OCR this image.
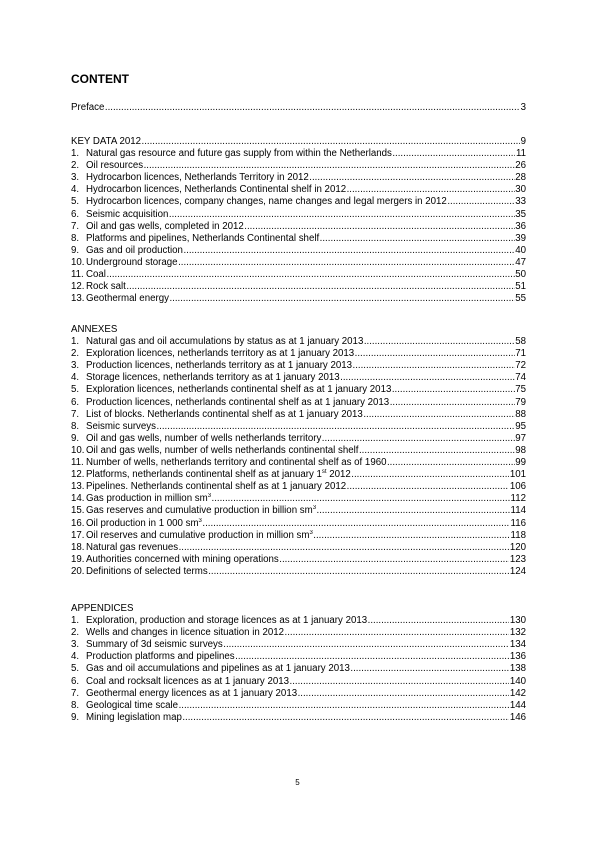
CONTENT
Preface .....	3
KEY DATA 2012 .....	9
1. Natural gas resource and future gas supply from within the Netherlands .....	11
2. Oil resources .....	26
3. Hydrocarbon licences, Netherlands Territory in 2012 .....	28
4. Hydrocarbon licences, Netherlands Continental shelf in 2012 .....	30
5. Hydrocarbon licences, company changes, name changes and legal mergers in 2012 .....	33
6. Seismic acquisition .....	35
7. Oil and gas wells, completed in 2012 .....	36
8. Platforms and pipelines, Netherlands Continental shelf .....	39
9. Gas and oil production .....	40
10. Underground storage .....	47
11. Coal .....	50
12. Rock salt .....	51
13. Geothermal energy .....	55
ANNEXES
1. Natural gas and oil accumulations by status as at 1 january 2013 .....	58
2. Exploration licences, netherlands territory as at 1 january 2013 .....	71
3. Production licences, netherlands territory as at 1 january 2013 .....	72
4. Storage licences, netherlands territory as at 1 january 2013 .....	74
5. Exploration licences, netherlands continental shelf as at 1 january 2013 .....	75
6. Production licences, netherlands continental shelf as at 1 january 2013 .....	79
7. List of blocks. Netherlands continental shelf as at 1 january 2013 .....	88
8. Seismic surveys .....	95
9. Oil and gas wells, number of wells netherlands territory .....	97
10. Oil and gas wells, number of wells netherlands continental shelf .....	98
11. Number of wells, netherlands territory and continental shelf as of 1960 .....	99
12. Platforms, netherlands continental shelf as at january 1st 2012 .....	101
13. Pipelines. Netherlands continental shelf as at 1 january 2012 .....	106
14. Gas production in million $sm^3$ .....	112
15. Gas reserves and cumulative production in billion $sm^3$ .....	114
16. Oil production in 1 000 $sm^3$ .....	116
17. Oil reserves and cumulative production in million $sm^3$ .....	118
18. Natural gas revenues .....	120
19. Authorities concerned with mining operations .....	123
20. Definitions of selected terms .....	124
APPENDICES
1. Exploration, production and storage licences as at 1 january 2013 .....	130
2. Wells and changes in licence situation in 2012 .....	132
3. Summary of 3d seismic surveys .....	134
4. Production platforms and pipelines .....	136
5. Gas and oil accumulations and pipelines as at 1 january 2013 .....	138
6. Coal and rocksalt licences as at 1 january 2013 .....	140
7. Geothermal energy licences as at 1 january 2013 .....	142
8. Geological time scale .....	144
9. Mining legislation map .....	146
5
